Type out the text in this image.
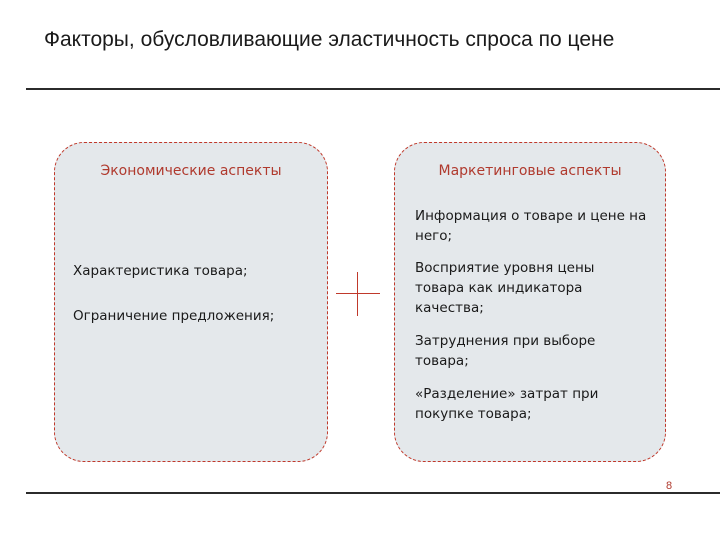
Факторы, обусловливающие эластичность спроса по цене
Экономические аспекты
Характеристика товара;
Ограничение предложения;
Маркетинговые аспекты
Информация о товаре и цене на него;
Восприятие уровня цены товара как индикатора качества;
Затруднения при выборе товара;
«Разделение» затрат при покупке товара;
8
